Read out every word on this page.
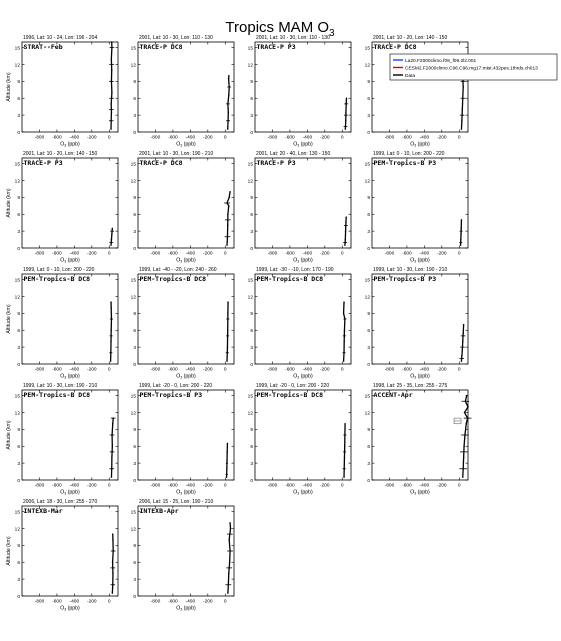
Tropics MAM $O_3$
1996, Lat: 10 - 24, Lon: 196 - 204
STRAT--Feb
0
3
6
9
12
15
-800 -600 -400 -200 0
$O_3$ (ppb)
Altitude (km)
2001, Lat: 10 - 30, Lon: 110 - 130
TRACE-P DC8
0
3
6
9
12
15
-800 -600 -400 -200 0
$O_3$ (ppb)
2001, Lat: 10 - 30, Lon: 110 - 130
TRACE-P P3
0
3
6
9
12
15
-800 -600 -400 -200 0
$O_3$ (ppb)
2001, Lat: 10 - 20, Lon: 140 - 150
TRACE-P DC8
0
3
6
9
12
15
-800 -600 -400 -200 0
$O_3$ (ppb)
2001, Lat: 10 - 20, Lon: 140 - 150
TRACE-P P3
0
3
6
9
12
15
-800 -600 -400 -200 0
$O_3$ (ppb)
Altitude (km)
2001, Lat: 10 - 30, Lon: 190 - 210
TRACE-P DC8
0
3
6
9
12
15
-800 -600 -400 -200 0
$O_3$ (ppb)
2001, Lat: 20 - 40, Lon: 130 - 150
TRACE-P P3
0
3
6
9
12
15
-800 -600 -400 -200 0
$O_3$ (ppb)
1999, Lat: 0 - 10, Lon: 200 - 220
PEM-Tropics-B P3
0
3
6
9
12
15
-800 -600 -400 -200 0
$O_3$ (ppb)
1999, Lat: 0 - 10, Lon: 200 - 220
PEM-Tropics-B DC8
0
3
6
9
12
15
-800 -600 -400 -200 0
$O_3$ (ppb)
Altitude (km)
1999, Lat: -40 - -20, Lon: 240 - 260
PEM-Tropics-B DC8
0
3
6
9
12
15
-800 -600 -400 -200 0
$O_3$ (ppb)
1999, Lat: -30 - -10, Lon: 170 - 190
PEM-Tropics-B DC8
0
3
6
9
12
15
-800 -600 -400 -200 0
$O_3$ (ppb)
1999, Lat: 10 - 30, Lon: 190 - 210
PEM-Tropics-B P3
0
3
6
9
12
15
-800 -600 -400 -200 0
$O_3$ (ppb)
1999, Lat: 10 - 30, Lon: 190 - 210
PEM-Tropics-B DC8
0
3
6
9
12
15
-800 -600 -400 -200 0
$O_3$ (ppb)
Altitude (km)
1999, Lat: -20 - 0, Lon: 200 - 220
PEM-Tropics-B P3
0
3
6
9
12
15
-800 -600 -400 -200 0
$O_3$ (ppb)
1999, Lat: -20 - 0, Lon: 200 - 220
PEM-Tropics-B DC8
0
3
6
9
12
15
-800 -600 -400 -200 0
$O_3$ (ppb)
1998, Lat: 25 - 35, Lon: 255 - 275
ACCENT-Apr
0
3
6
9
12
15
-800 -600 -400 -200 0
$O_3$ (ppb)
2006, Lat: 18 - 30, Lon: 255 - 270
INTEXB-Mar
0
3
6
9
12
15
-800 -600 -400 -200 0
$O_3$ (ppb)
Altitude (km)
2006, Lat: 15 - 25, Lon: 190 - 210
INTEXB-Apr
0
3
6
9
12
15
-800 -600 -400 -200 0
$O_3$ (ppb)
La20.F2000climo.f09_f09.2l2.001
CESM2.F2000climo.C96.C96.mg17.mtst.432pes.1thrds.ch013
Data
